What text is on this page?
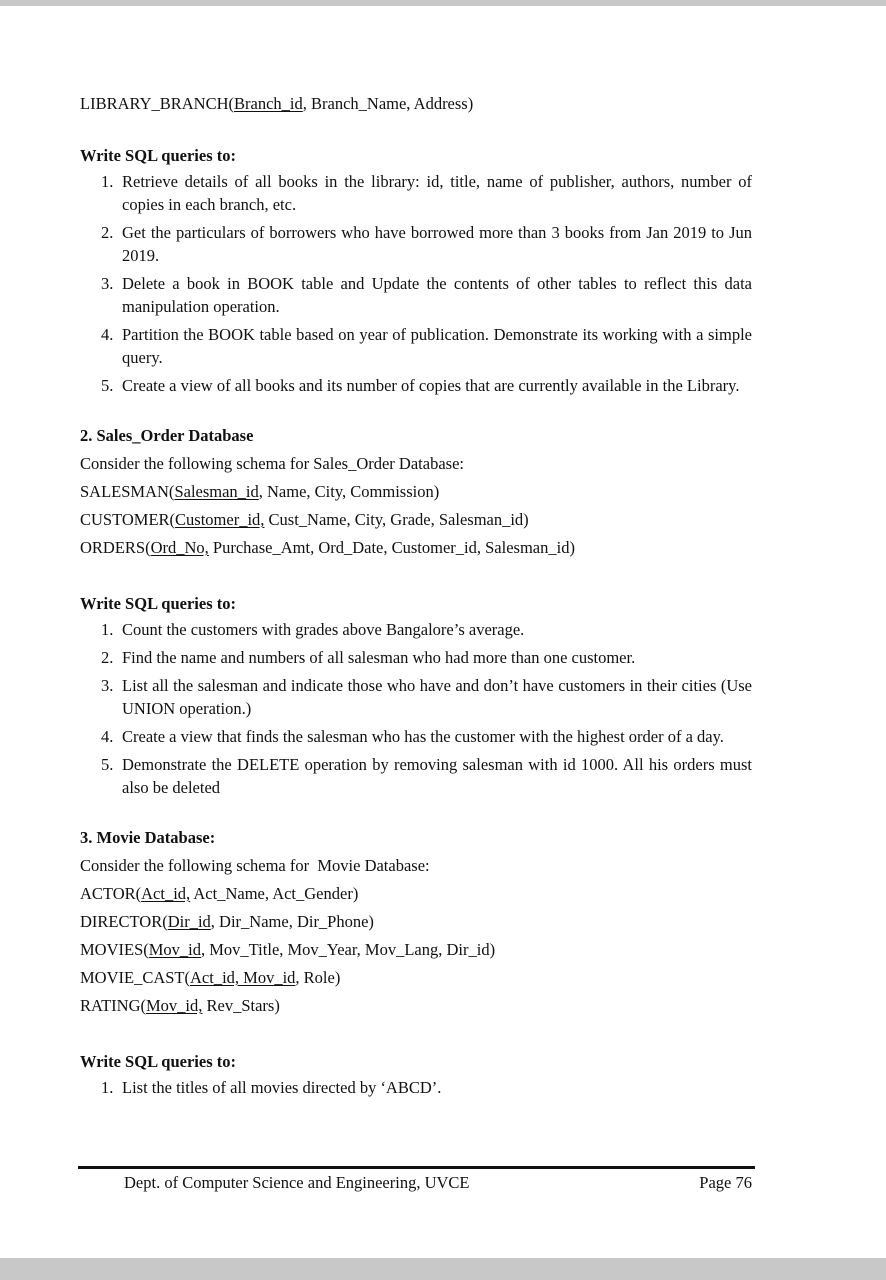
LIBRARY_BRANCH(Branch_id, Branch_Name, Address)
Write SQL queries to:
1. Retrieve details of all books in the library: id, title, name of publisher, authors, number of copies in each branch, etc.
2. Get the particulars of borrowers who have borrowed more than 3 books from Jan 2019 to Jun 2019.
3. Delete a book in BOOK table and Update the contents of other tables to reflect this data manipulation operation.
4. Partition the BOOK table based on year of publication. Demonstrate its working with a simple query.
5. Create a view of all books and its number of copies that are currently available in the Library.
2. Sales_Order Database
Consider the following schema for Sales_Order Database:
SALESMAN(Salesman_id, Name, City, Commission)
CUSTOMER(Customer_id, Cust_Name, City, Grade, Salesman_id)
ORDERS(Ord_No, Purchase_Amt, Ord_Date, Customer_id, Salesman_id)
Write SQL queries to:
1. Count the customers with grades above Bangalore’s average.
2. Find the name and numbers of all salesman who had more than one customer.
3. List all the salesman and indicate those who have and don’t have customers in their cities (Use UNION operation.)
4. Create a view that finds the salesman who has the customer with the highest order of a day.
5. Demonstrate the DELETE operation by removing salesman with id 1000. All his orders must also be deleted
3. Movie Database:
Consider the following schema for  Movie Database:
ACTOR(Act_id, Act_Name, Act_Gender)
DIRECTOR(Dir_id, Dir_Name, Dir_Phone)
MOVIES(Mov_id, Mov_Title, Mov_Year, Mov_Lang, Dir_id)
MOVIE_CAST(Act_id, Mov_id, Role)
RATING(Mov_id, Rev_Stars)
Write SQL queries to:
1. List the titles of all movies directed by ‘ABCD’.
Dept. of Computer Science and Engineering, UVCE	Page 76
